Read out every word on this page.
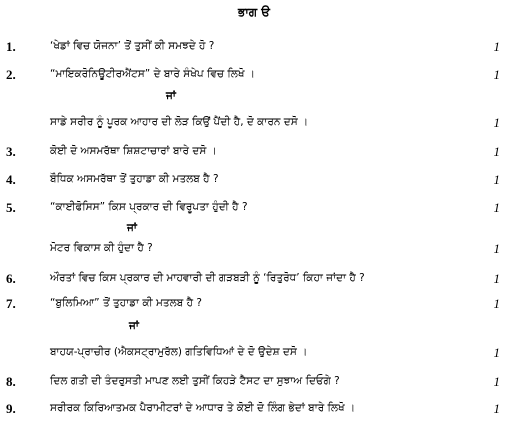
ਭਾਗ ੳ
1.	‘ਖੇਡਾਂ ਵਿਚ ਯੋਜਨਾ’ ਤੋਂ ਤੁਸੀਂ ਕੀ ਸਮਝਦੇ ਹੋ ?	1
2.	“ਮਾਇਕਰੋਨਿਊਟੀਰਐਂਟਸ” ਦੇ ਬਾਰੇ ਸੰਖੇਪ ਵਿਚ ਲਿਖੋ ।	1
ਜਾਂ
ਸਾਡੇ ਸਰੀਰ ਨੂੰ ਪੂਰਕ ਆਹਾਰ ਦੀ ਲੋੜ ਕਿਉਂ ਪੈਂਦੀ ਹੈ, ਦੋ ਕਾਰਨ ਦਸੋ ।	1
3.	ਕੋਈ ਦੋ ਅਸਮਰੱਥਾ ਸ਼ਿਸ਼ਟਾਚਾਰਾਂ ਬਾਰੇ ਦਸੋ ।	1
4.	ਬੌਧਿਕ ਅਸਮਰੱਥਾ ਤੋਂ ਤੁਹਾਡਾ ਕੀ ਮਤਲਬ ਹੈ ?	1
5.	“ਕਾਈਫੋਸਿਸ” ਕਿਸ ਪ੍ਰਕਾਰ ਦੀ ਵਿਰੂਪਤਾ ਹੁੰਦੀ ਹੈ ?	1
ਜਾਂ
ਮੋਟਰ ਵਿਕਾਸ ਕੀ ਹੁੰਦਾ ਹੈ ?	1
6.	ਔਰਤਾਂ ਵਿਚ ਕਿਸ ਪ੍ਰਕਾਰ ਦੀ ਮਾਹਵਾਰੀ ਦੀ ਗੜਬੜੀ ਨੂੰ ‘ਰਿਤੁਰੋਧ’ ਕਿਹਾ ਜਾਂਦਾ ਹੈ ?	1
7.	“ਬੁਲਿਮਿਆ” ਤੋਂ ਤੁਹਾਡਾ ਕੀ ਮਤਲਬ ਹੈ ?	1
ਜਾਂ
ਬਾਹਯ-ਪ੍ਰਾਚੀਰ (ਐਕਸਟ੍ਰਾਮੁਰੱਲ) ਗਤਿਵਿਧਿਆਂ ਦੇ ਦੋ ਉਦੇਸ਼ ਦਸੋ ।	1
8.	ਦਿਲ ਗਤੀ ਦੀ ਤੰਦਰੁਸਤੀ ਮਾਪਣ ਲਈ ਤੁਸੀਂ ਕਿਹੜੇ ਟੈਸਟ ਦਾ ਸੁਝਾਅ ਦਿਓਗੇ ?	1
9.	ਸਰੀਰਕ ਕਿਰਿਆਤਮਕ ਪੈਰਾਮੀਟਰਾਂ ਦੇ ਆਧਾਰ ਤੇ ਕੋਈ ਦੋ ਲਿੰਗ ਭੇਦਾਂ ਬਾਰੇ ਲਿਖੋ ।	1
